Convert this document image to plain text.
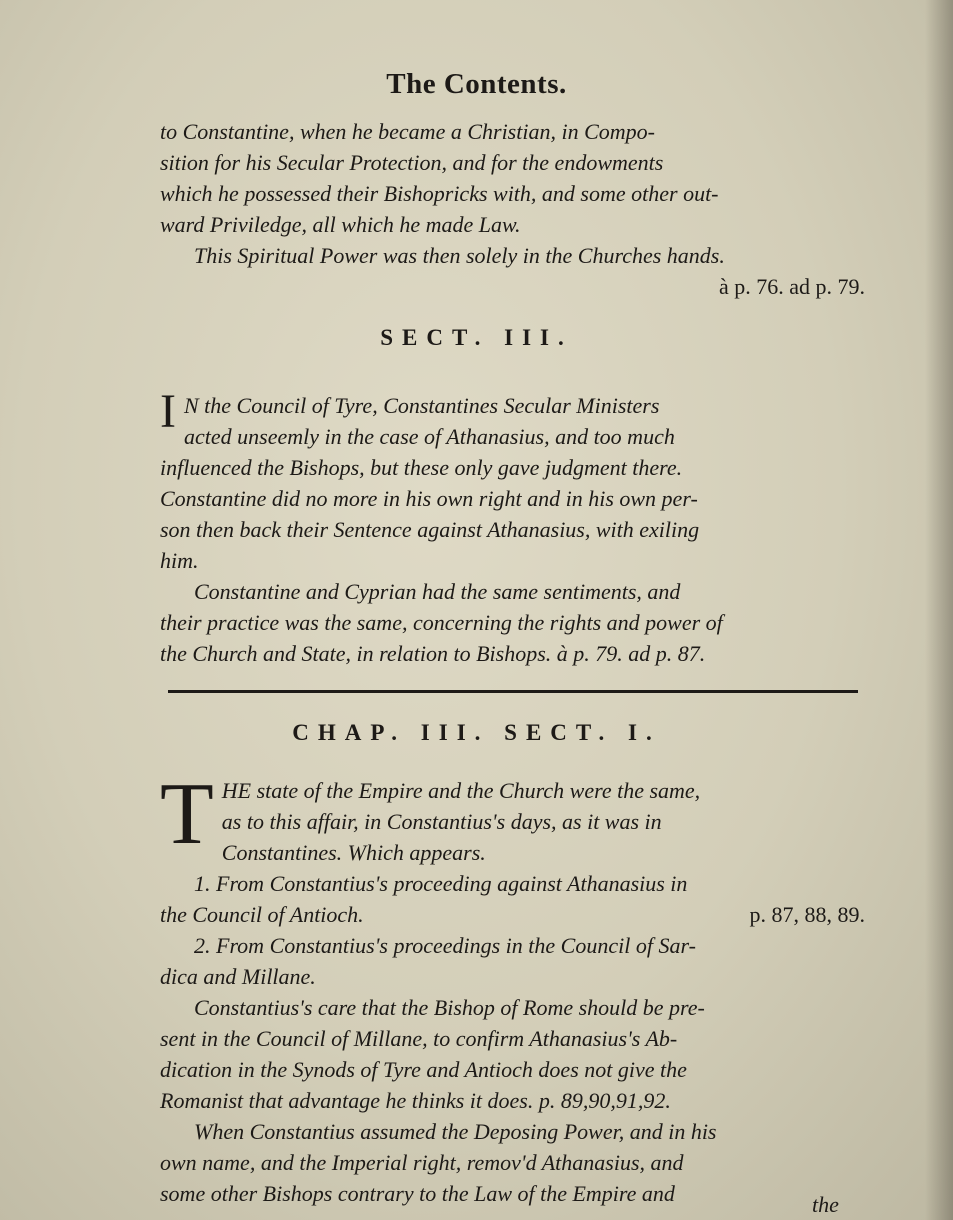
The Contents.

to Constantine, when he became a Christian, in Compo-

sition for his Secular Protection, and for the endowments

which he possessed their Bishopricks with, and some other out-

ward Priviledge, all which he made Law.

This Spiritual Power was then solely in the Churches hands.

à p. 76. ad p. 79.

SECT. III.
I N the Council of Tyre, Constantines Secular Ministers

acted unseemly in the case of Athanasius, and too much

influenced the Bishops, but these only gave judgment there.

Constantine did no more in his own right and in his own per-

son then back their Sentence against Athanasius, with exiling

him.

Constantine and Cyprian had the same sentiments, and

their practice was the same, concerning the rights and power of

the Church and State, in relation to Bishops. à p. 79. ad p. 87.

CHAP. III. SECT. I.
T HE state of the Empire and the Church were the same,

as to this affair, in Constantius's days, as it was in

Constantines. Which appears.

1. From Constantius's proceeding against Athanasius in

the Council of Antioch.	p. 87, 88, 89.

2. From Constantius's proceedings in the Council of Sar-

dica and Millane.

Constantius's care that the Bishop of Rome should be pre-

sent in the Council of Millane, to confirm Athanasius's Ab-

dication in the Synods of Tyre and Antioch does not give the

Romanist that advantage he thinks it does. p. 89,90,91,92.

When Constantius assumed the Deposing Power, and in his

own name, and the Imperial right, remov'd Athanasius, and

some other Bishops contrary to the Law of the Empire and	the
